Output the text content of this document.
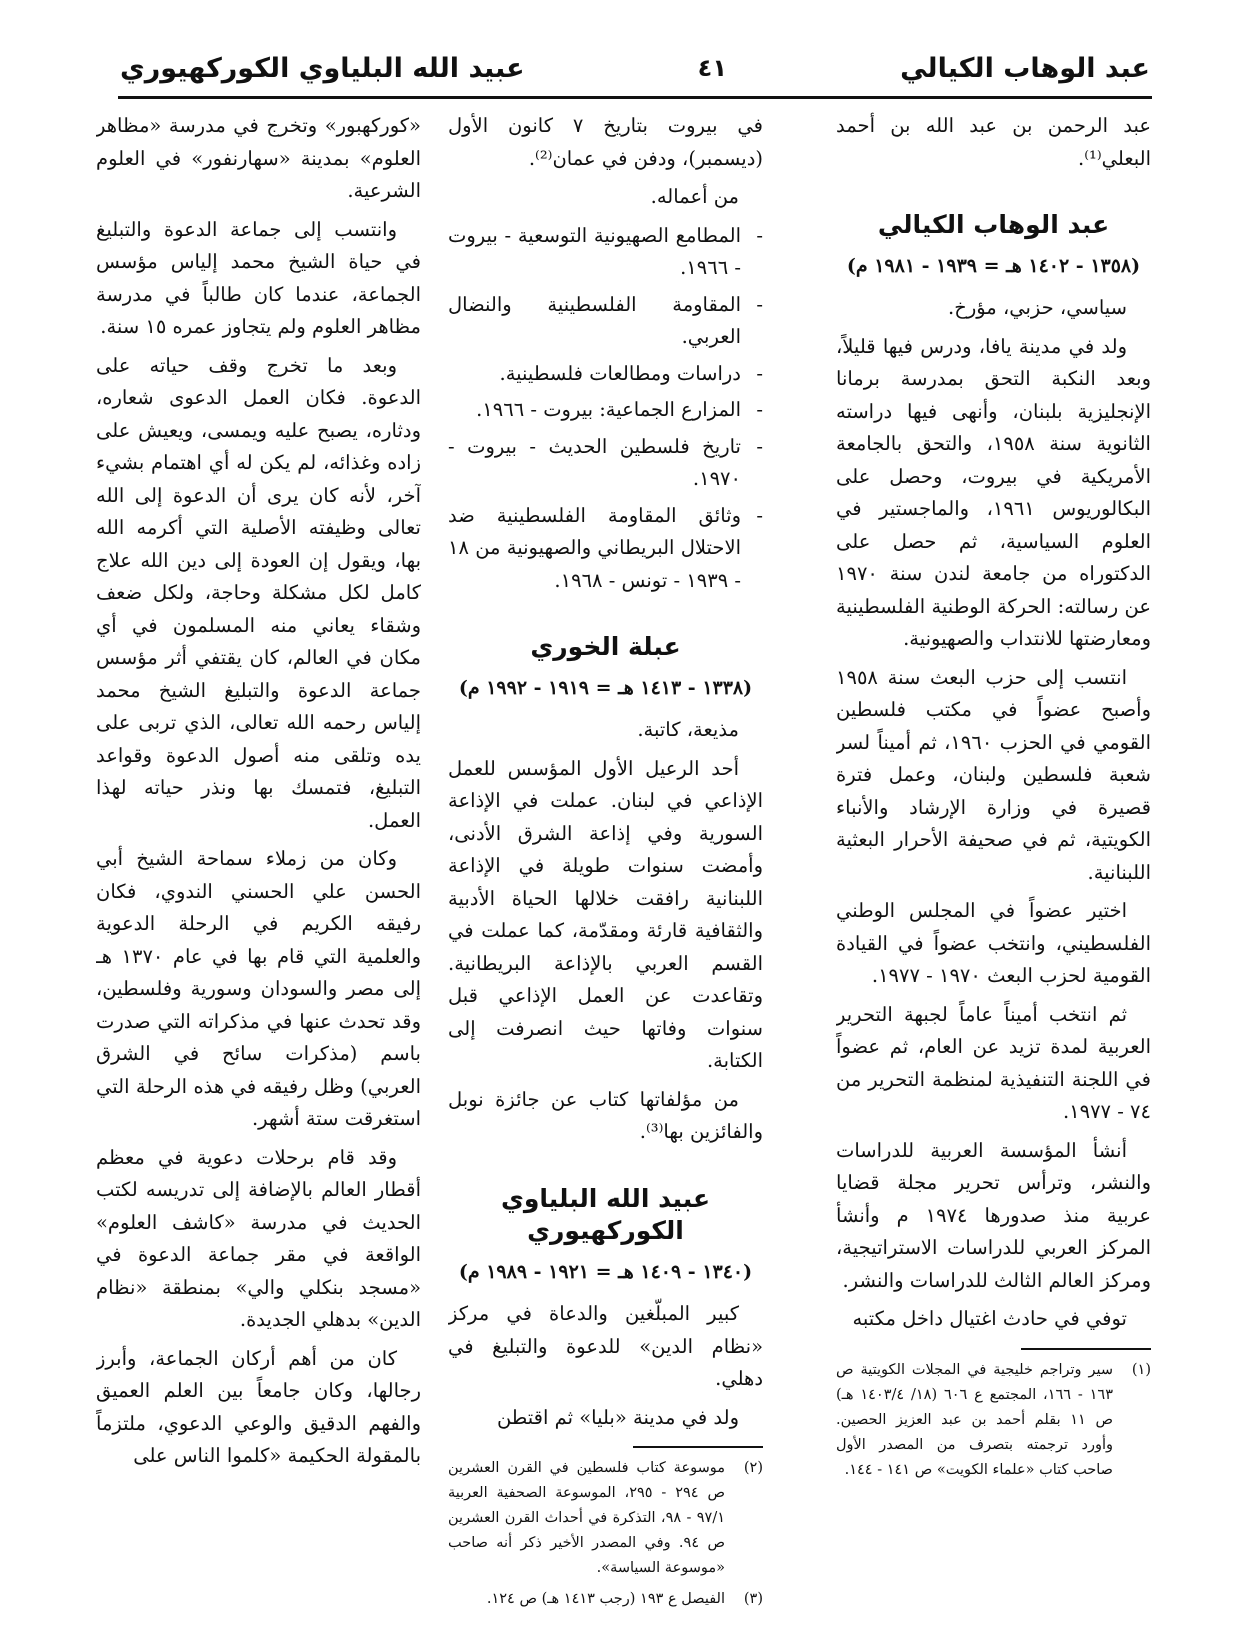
عبد الوهاب الكيالي
٤١
عبيد الله البلياوي الكوركهيوري

عبد الرحمن بن عبد الله بن أحمد البعلي⁽¹⁾.

عبد الوهاب الكيالي
(١٣٥٨ - ١٤٠٢ هـ = ١٩٣٩ - ١٩٨١ م)

سياسي، حزبي، مؤرخ.

ولد في مدينة يافا، ودرس فيها قليلاً، وبعد النكبة التحق بمدرسة برمانا الإنجليزية بلبنان، وأنهى فيها دراسته الثانوية سنة ١٩٥٨، والتحق بالجامعة الأمريكية في بيروت، وحصل على البكالوريوس ١٩٦١، والماجستير في العلوم السياسية، ثم حصل على الدكتوراه من جامعة لندن سنة ١٩٧٠ عن رسالته: الحركة الوطنية الفلسطينية ومعارضتها للانتداب والصهيونية.

انتسب إلى حزب البعث سنة ١٩٥٨ وأصبح عضواً في مكتب فلسطين القومي في الحزب ١٩٦٠، ثم أميناً لسر شعبة فلسطين ولبنان، وعمل فترة قصيرة في وزارة الإرشاد والأنباء الكويتية، ثم في صحيفة الأحرار البعثية اللبنانية.

اختير عضواً في المجلس الوطني الفلسطيني، وانتخب عضواً في القيادة القومية لحزب البعث ١٩٧٠ - ١٩٧٧.

ثم انتخب أميناً عاماً لجبهة التحرير العربية لمدة تزيد عن العام، ثم عضواً في اللجنة التنفيذية لمنظمة التحرير من ٧٤ - ١٩٧٧.

أنشأ المؤسسة العربية للدراسات والنشر، وترأس تحرير مجلة قضايا عربية منذ صدورها ١٩٧٤ م وأنشأ المركز العربي للدراسات الاستراتيجية، ومركز العالم الثالث للدراسات والنشر.

توفي في حادث اغتيال داخل مكتبه

(١)
سير وتراجم خليجية في المجلات الكويتية ص ١٦٣ - ١٦٦، المجتمع ع ٦٠٦ (١٨/ ١٤٠٣/٤ هـ) ص ١١ بقلم أحمد بن عبد العزيز الحصين. وأورد ترجمته بتصرف من المصدر الأول صاحب كتاب «علماء الكويت» ص ١٤١ - ١٤٤.

في بيروت بتاريخ ٧ كانون الأول (ديسمبر)، ودفن في عمان⁽²⁾.

من أعماله.

- المطامع الصهيونية التوسعية - بيروت - ١٩٦٦.
- المقاومة الفلسطينية والنضال العربي.
- دراسات ومطالعات فلسطينية.
- المزارع الجماعية: بيروت - ١٩٦٦.
- تاريخ فلسطين الحديث - بيروت - ١٩٧٠.
- وثائق المقاومة الفلسطينية ضد الاحتلال البريطاني والصهيونية من ١٨ - ١٩٣٩ - تونس - ١٩٦٨.
عبلة الخوري
(١٣٣٨ - ١٤١٣ هـ = ١٩١٩ - ١٩٩٢ م)

مذيعة، كاتبة.

أحد الرعيل الأول المؤسس للعمل الإذاعي في لبنان. عملت في الإذاعة السورية وفي إذاعة الشرق الأدنى، وأمضت سنوات طويلة في الإذاعة اللبنانية رافقت خلالها الحياة الأدبية والثقافية قارئة ومقدّمة، كما عملت في القسم العربي بالإذاعة البريطانية. وتقاعدت عن العمل الإذاعي قبل سنوات وفاتها حيث انصرفت إلى الكتابة.

من مؤلفاتها كتاب عن جائزة نوبل والفائزين بها⁽³⁾.

عبيد الله البلياوي الكوركهيوري
(١٣٤٠ - ١٤٠٩ هـ = ١٩٢١ - ١٩٨٩ م)

كبير المبلّغين والدعاة في مركز «نظام الدين» للدعوة والتبليغ في دهلي.

ولد في مدينة «بليا» ثم اقتطن

(٢)
موسوعة كتاب فلسطين في القرن العشرين ص ٢٩٤ - ٢٩٥، الموسوعة الصحفية العربية ٩٧/١ - ٩٨، التذكرة في أحداث القرن العشرين ص ٩٤. وفي المصدر الأخير ذكر أنه صاحب «موسوعة السياسة».
(٣)
الفيصل ع ١٩٣ (رجب ١٤١٣ هـ) ص ١٢٤.

«كوركهبور» وتخرج في مدرسة «مظاهر العلوم» بمدينة «سهارنفور» في العلوم الشرعية.

وانتسب إلى جماعة الدعوة والتبليغ في حياة الشيخ محمد إلياس مؤسس الجماعة، عندما كان طالباً في مدرسة مظاهر العلوم ولم يتجاوز عمره ١٥ سنة.

وبعد ما تخرج وقف حياته على الدعوة. فكان العمل الدعوى شعاره، ودثاره، يصبح عليه ويمسى، ويعيش على زاده وغذائه، لم يكن له أي اهتمام بشيء آخر، لأنه كان يرى أن الدعوة إلى الله تعالى وظيفته الأصلية التي أكرمه الله بها، ويقول إن العودة إلى دين الله علاج كامل لكل مشكلة وحاجة، ولكل ضعف وشقاء يعاني منه المسلمون في أي مكان في العالم، كان يقتفي أثر مؤسس جماعة الدعوة والتبليغ الشيخ محمد إلياس رحمه الله تعالى، الذي تربى على يده وتلقى منه أصول الدعوة وقواعد التبليغ، فتمسك بها ونذر حياته لهذا العمل.

وكان من زملاء سماحة الشيخ أبي الحسن علي الحسني الندوي، فكان رفيقه الكريم في الرحلة الدعوية والعلمية التي قام بها في عام ١٣٧٠ هـ إلى مصر والسودان وسورية وفلسطين، وقد تحدث عنها في مذكراته التي صدرت باسم (مذكرات سائح في الشرق العربي) وظل رفيقه في هذه الرحلة التي استغرقت ستة أشهر.

وقد قام برحلات دعوية في معظم أقطار العالم بالإضافة إلى تدريسه لكتب الحديث في مدرسة «كاشف العلوم» الواقعة في مقر جماعة الدعوة في «مسجد بنكلي والي» بمنطقة «نظام الدين» بدهلي الجديدة.

كان من أهم أركان الجماعة، وأبرز رجالها، وكان جامعاً بين العلم العميق والفهم الدقيق والوعي الدعوي، ملتزماً بالمقولة الحكيمة «كلموا الناس على
